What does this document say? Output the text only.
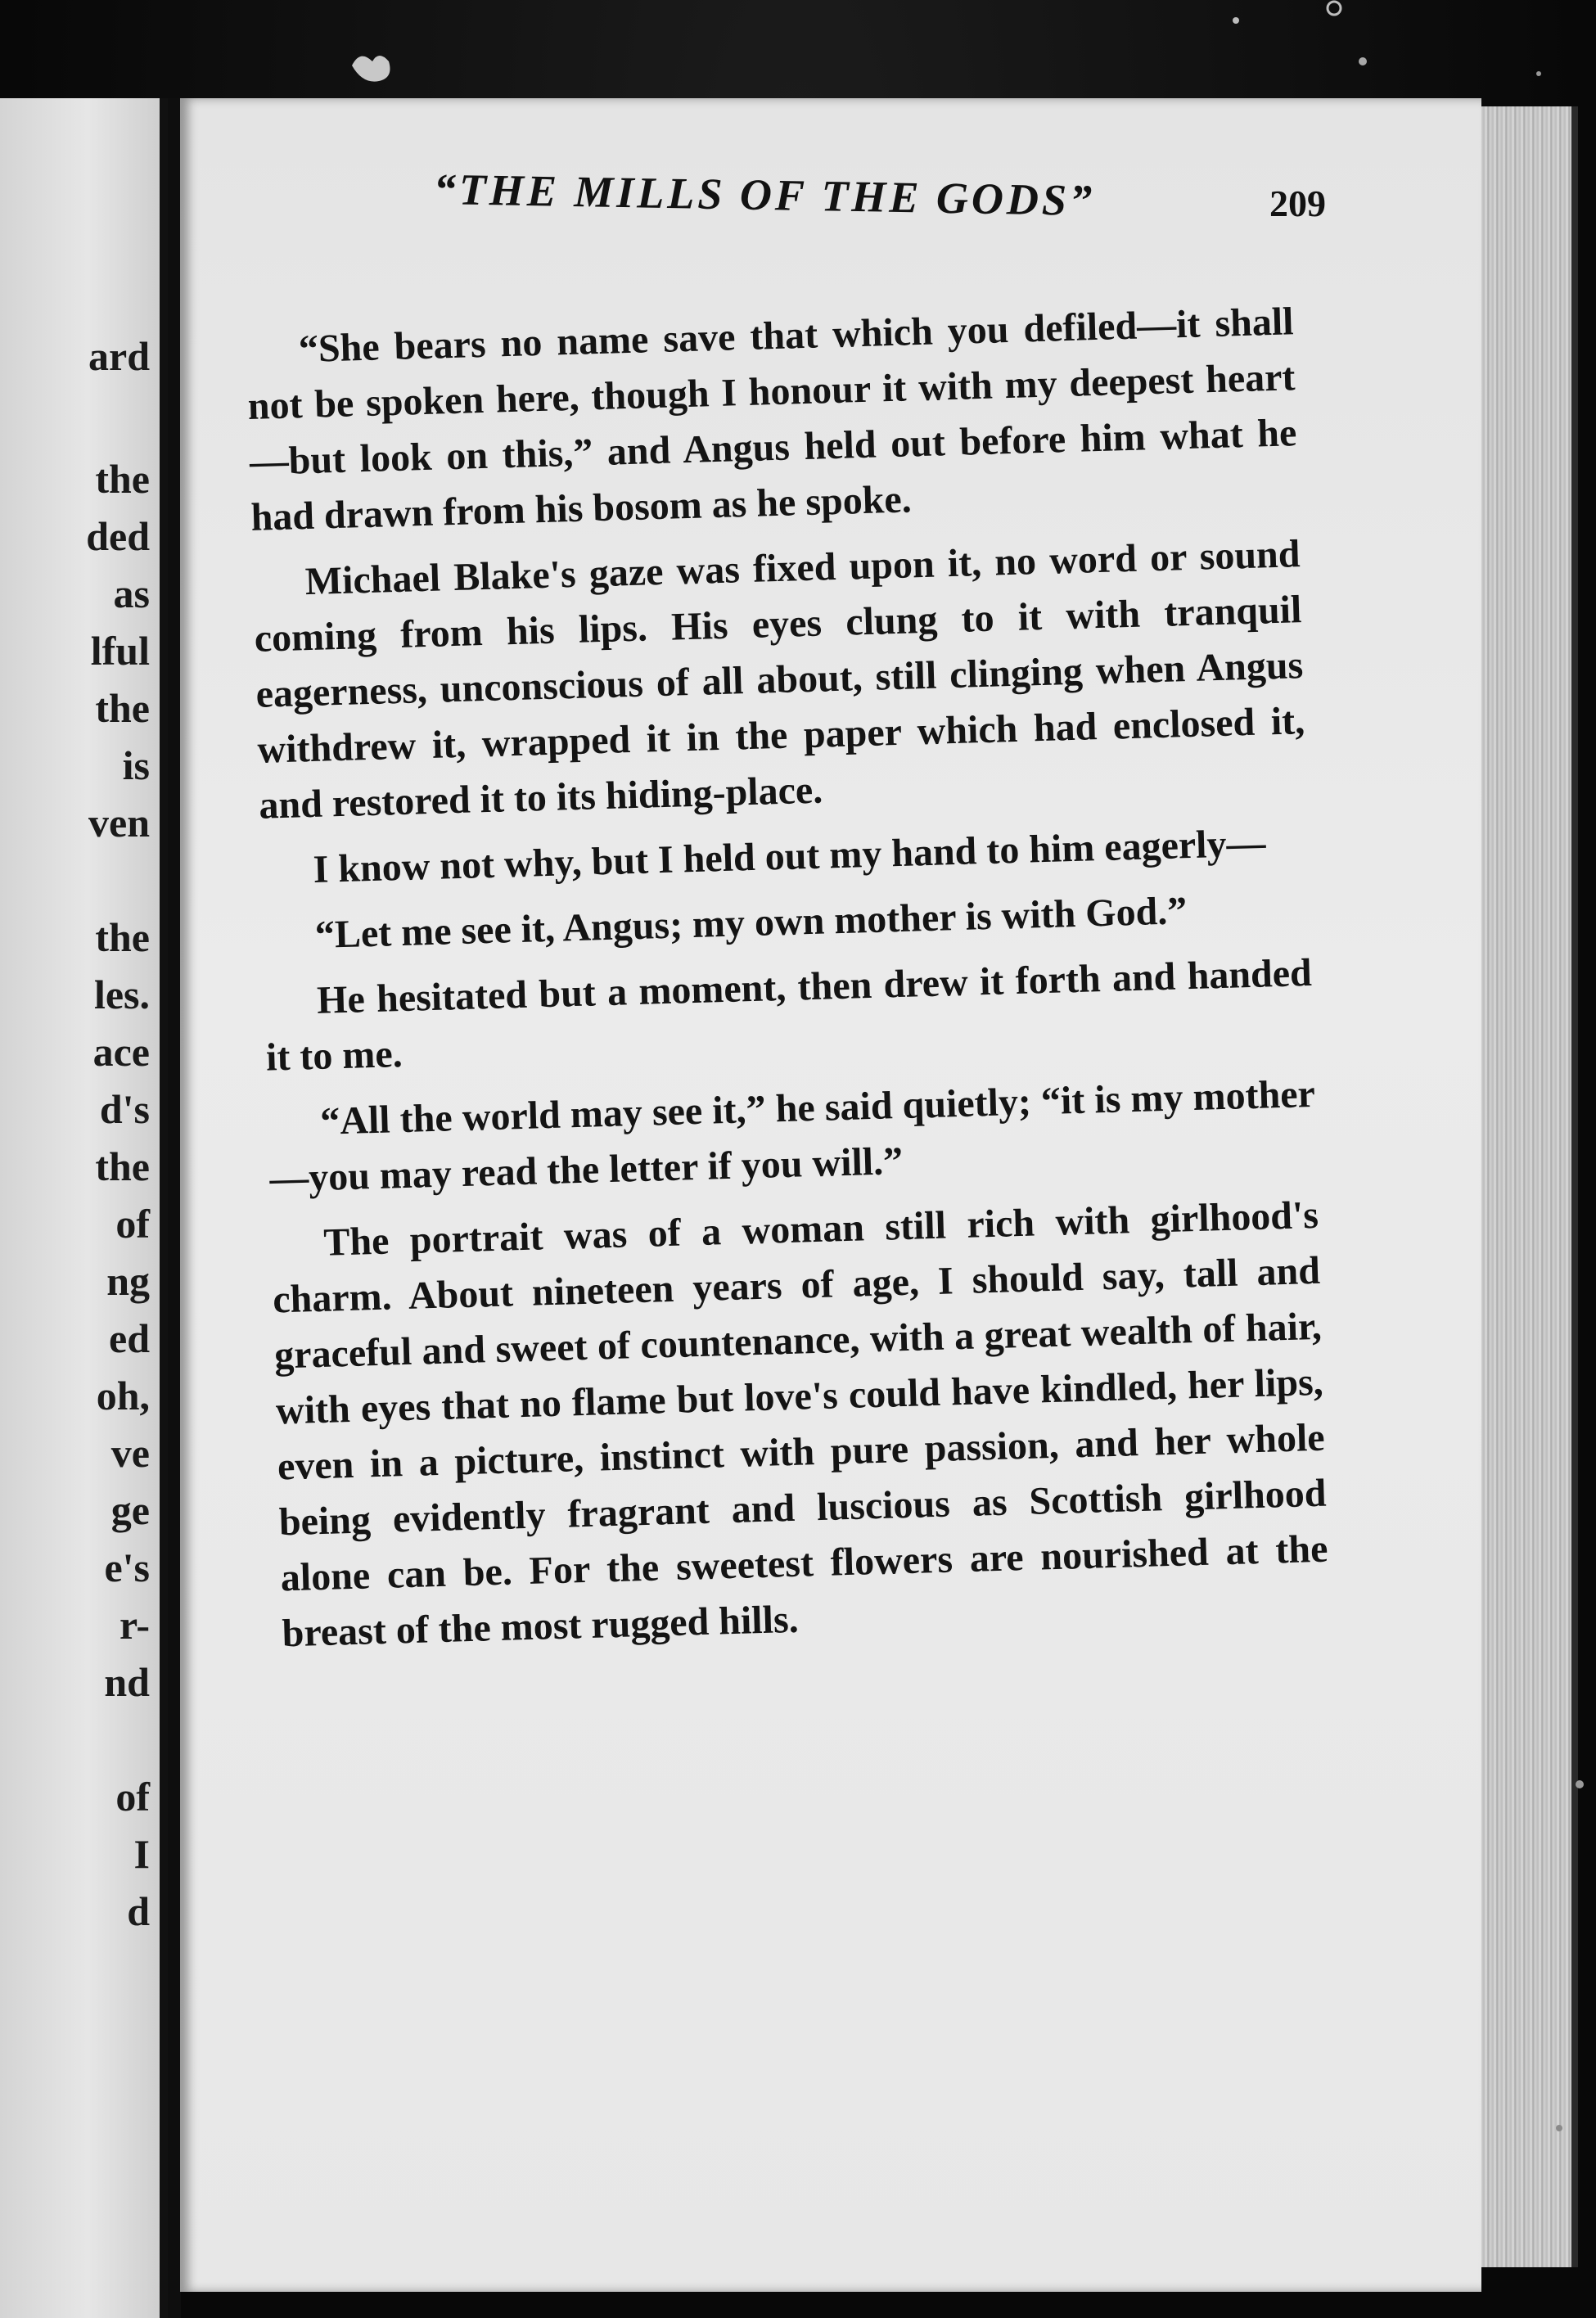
ard

the

ded

as

lful

the

is

ven

the

les.

ace

d's

the

of

ng

ed

oh,

ve

ge

e's

r-

nd

of

I

d

“THE MILLS OF THE GODS”	209

“She bears no name save that which you defiled—it shall not be spoken here, though I honour it with my deepest heart—but look on this,” and Angus held out before him what he had drawn from his bosom as he spoke.

Michael Blake's gaze was fixed upon it, no word or sound coming from his lips. His eyes clung to it with tranquil eagerness, unconscious of all about, still clinging when Angus withdrew it, wrapped it in the paper which had enclosed it, and restored it to its hiding-place.

I know not why, but I held out my hand to him eagerly—

“Let me see it, Angus; my own mother is with God.”

He hesitated but a moment, then drew it forth and handed it to me.

“All the world may see it,” he said quietly; “it is my mother—you may read the letter if you will.”

The portrait was of a woman still rich with girlhood's charm. About nineteen years of age, I should say, tall and graceful and sweet of countenance, with a great wealth of hair, with eyes that no flame but love's could have kindled, her lips, even in a picture, instinct with pure passion, and her whole being evidently fragrant and luscious as Scottish girlhood alone can be. For the sweetest flowers are nourished at the breast of the most rugged hills.
